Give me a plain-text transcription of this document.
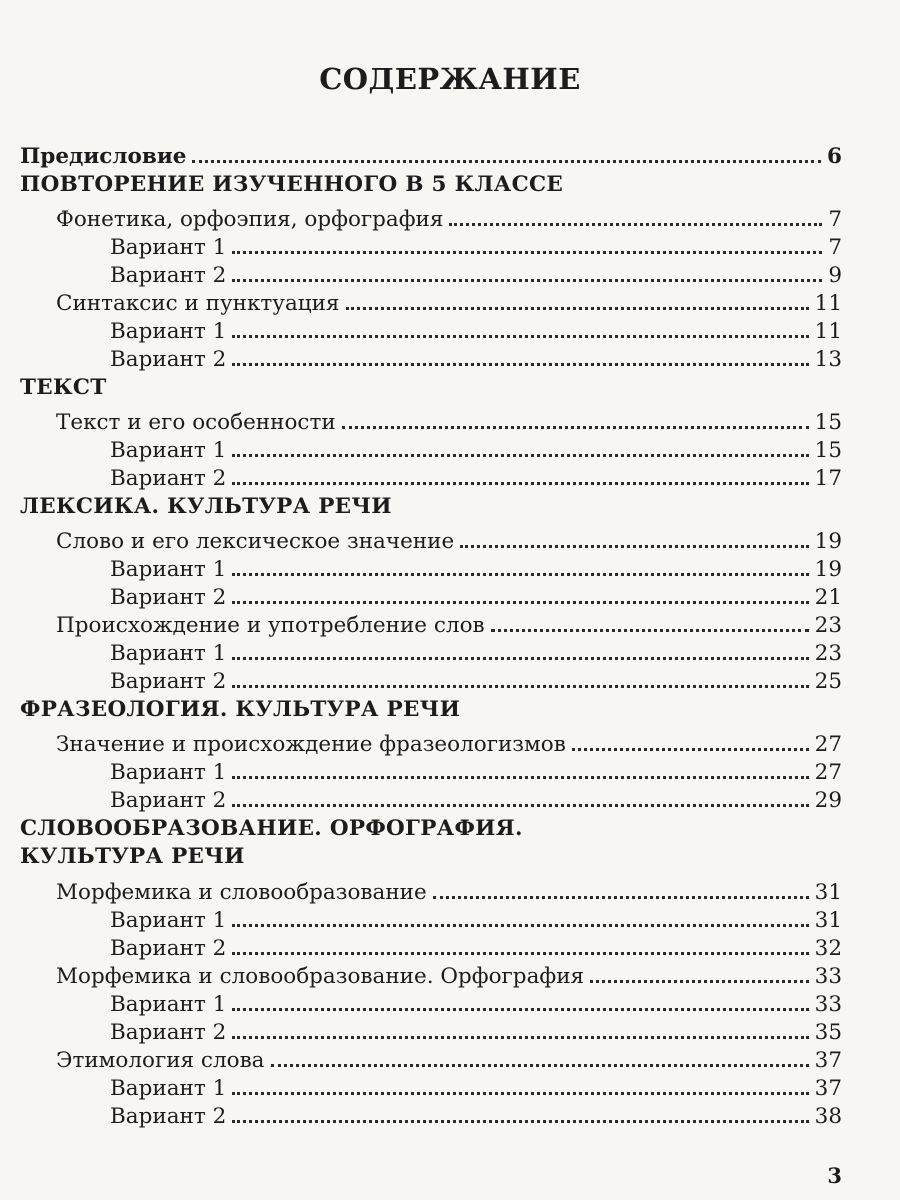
СОДЕРЖАНИЕ
Предисловие	6
ПОВТОРЕНИЕ ИЗУЧЕННОГО В 5 КЛАССЕ
Фонетика, орфоэпия, орфография	7
Вариант 1	7
Вариант 2	9
Синтаксис и пунктуация	11
Вариант 1	11
Вариант 2	13
ТЕКСТ
Текст и его особенности	15
Вариант 1	15
Вариант 2	17
ЛЕКСИКА. КУЛЬТУРА РЕЧИ
Слово и его лексическое значение	19
Вариант 1	19
Вариант 2	21
Происхождение и употребление слов	23
Вариант 1	23
Вариант 2	25
ФРАЗЕОЛОГИЯ. КУЛЬТУРА РЕЧИ
Значение и происхождение фразеологизмов	27
Вариант 1	27
Вариант 2	29
СЛОВООБРАЗОВАНИЕ. ОРФОГРАФИЯ.
КУЛЬТУРА РЕЧИ
Морфемика и словообразование	31
Вариант 1	31
Вариант 2	32
Морфемика и словообразование. Орфография	33
Вариант 1	33
Вариант 2	35
Этимология слова	37
Вариант 1	37
Вариант 2	38
3
